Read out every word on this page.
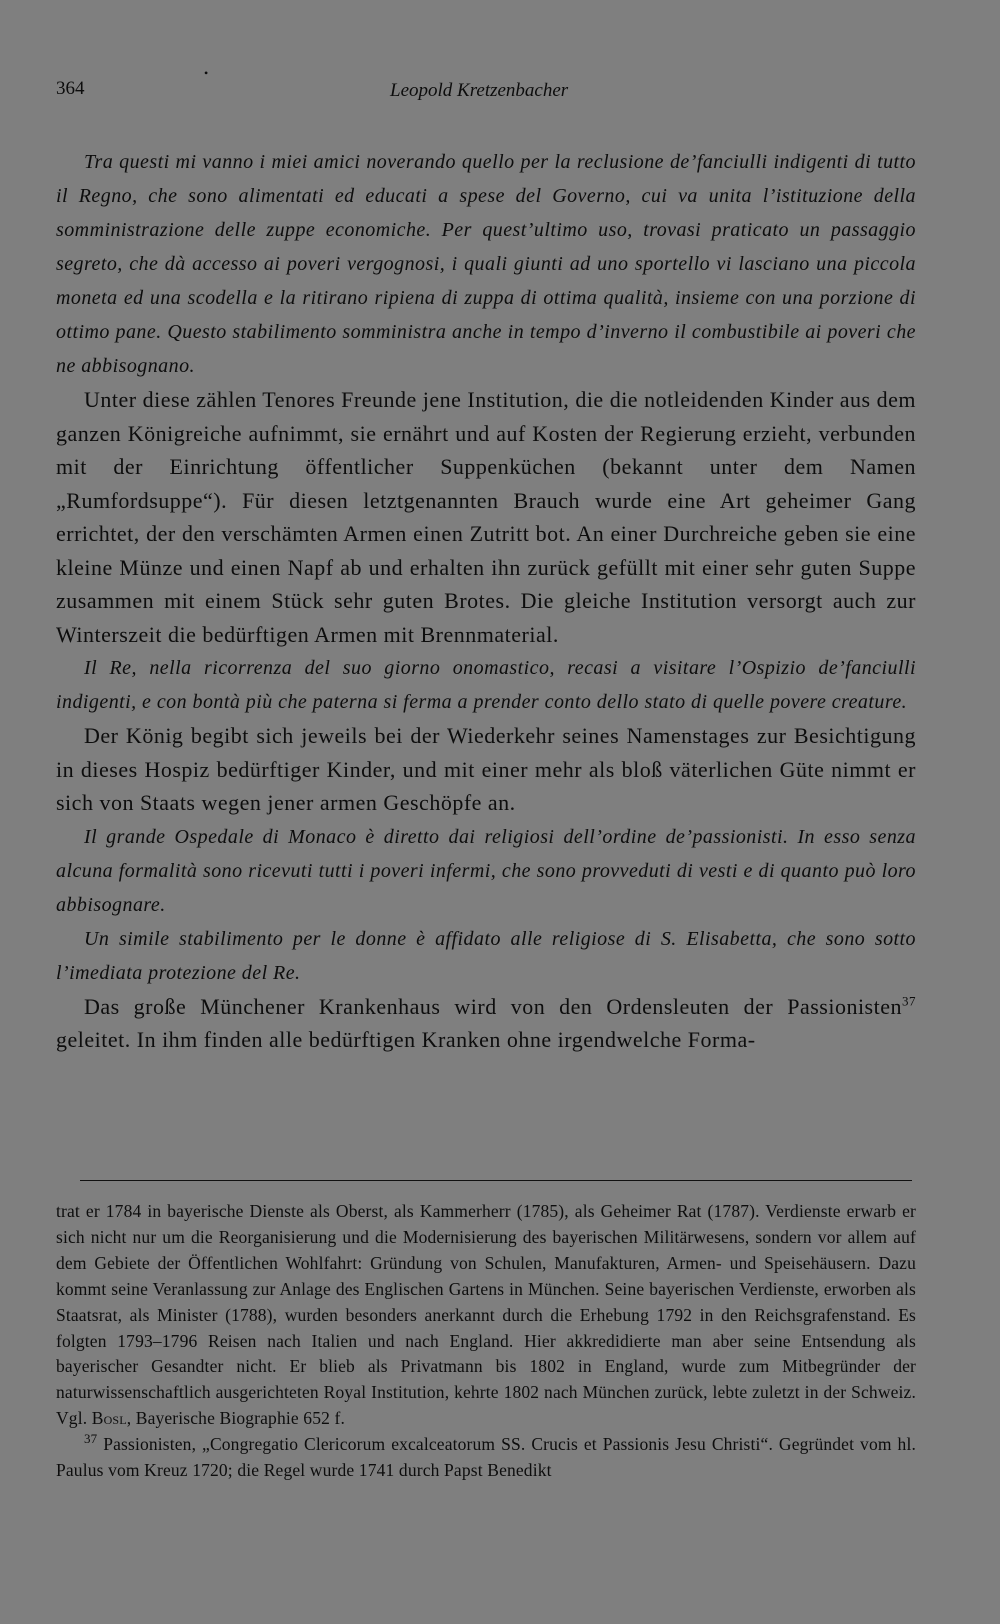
364
•
Leopold Kretzenbacher

Tra questi mi vanno i miei amici noverando quello per la reclusione de’fanciulli indigenti di tutto il Regno, che sono alimentati ed educati a spese del Governo, cui va unita l’istituzione della somministrazione delle zuppe economiche. Per quest’ultimo uso, trovasi praticato un passaggio segreto, che dà accesso ai poveri vergognosi, i quali giunti ad uno sportello vi lasciano una piccola moneta ed una scodella e la ritirano ripiena di zuppa di ottima qualità, insieme con una porzione di ottimo pane. Questo stabilimento somministra anche in tempo d’inverno il combustibile ai poveri che ne abbisognano.

Unter diese zählen Tenores Freunde jene Institution, die die notleidenden Kinder aus dem ganzen Königreiche aufnimmt, sie ernährt und auf Kosten der Regierung erzieht, verbunden mit der Einrichtung öffentlicher Suppenküchen (bekannt unter dem Namen „Rumfordsuppe“). Für diesen letztgenannten Brauch wurde eine Art geheimer Gang errichtet, der den verschämten Armen einen Zutritt bot. An einer Durchreiche geben sie eine kleine Münze und einen Napf ab und erhalten ihn zurück gefüllt mit einer sehr guten Suppe zusammen mit einem Stück sehr guten Brotes. Die gleiche Institution versorgt auch zur Winterszeit die bedürftigen Armen mit Brennmaterial.

Il Re, nella ricorrenza del suo giorno onomastico, recasi a visitare l’Ospizio de’fanciulli indigenti, e con bontà più che paterna si ferma a prender conto dello stato di quelle povere creature.

Der König begibt sich jeweils bei der Wiederkehr seines Namenstages zur Besichtigung in dieses Hospiz bedürftiger Kinder, und mit einer mehr als bloß väterlichen Güte nimmt er sich von Staats wegen jener armen Geschöpfe an.

Il grande Ospedale di Monaco è diretto dai religiosi dell’ordine de’passionisti. In esso senza alcuna formalità sono ricevuti tutti i poveri infermi, che sono provveduti di vesti e di quanto può loro abbisognare.

Un simile stabilimento per le donne è affidato alle religiose di S. Elisabetta, che sono sotto l’imediata protezione del Re.

Das große Münchener Krankenhaus wird von den Ordensleuten der Passionisten$^{37}$ geleitet. In ihm finden alle bedürftigen Kranken ohne irgendwelche Forma-

trat er 1784 in bayerische Dienste als Oberst, als Kammerherr (1785), als Geheimer Rat (1787). Verdienste erwarb er sich nicht nur um die Reorganisierung und die Modernisierung des bayerischen Militärwesens, sondern vor allem auf dem Gebiete der Öffentlichen Wohlfahrt: Gründung von Schulen, Manufakturen, Armen- und Speisehäusern. Dazu kommt seine Veranlassung zur Anlage des Englischen Gartens in München. Seine bayerischen Verdienste, erworben als Staatsrat, als Minister (1788), wurden besonders anerkannt durch die Erhebung 1792 in den Reichsgrafenstand. Es folgten 1793–1796 Reisen nach Italien und nach England. Hier akkredidierte man aber seine Entsendung als bayerischer Gesandter nicht. Er blieb als Privatmann bis 1802 in England, wurde zum Mitbegründer der naturwissenschaftlich ausgerichteten Royal Institution, kehrte 1802 nach München zurück, lebte zuletzt in der Schweiz. Vgl. Bosl, Bayerische Biographie 652 f.

$^{37}$ Passionisten, „Congregatio Clericorum excalceatorum SS. Crucis et Passionis Jesu Christi“. Gegründet vom hl. Paulus vom Kreuz 1720; die Regel wurde 1741 durch Papst Benedikt
